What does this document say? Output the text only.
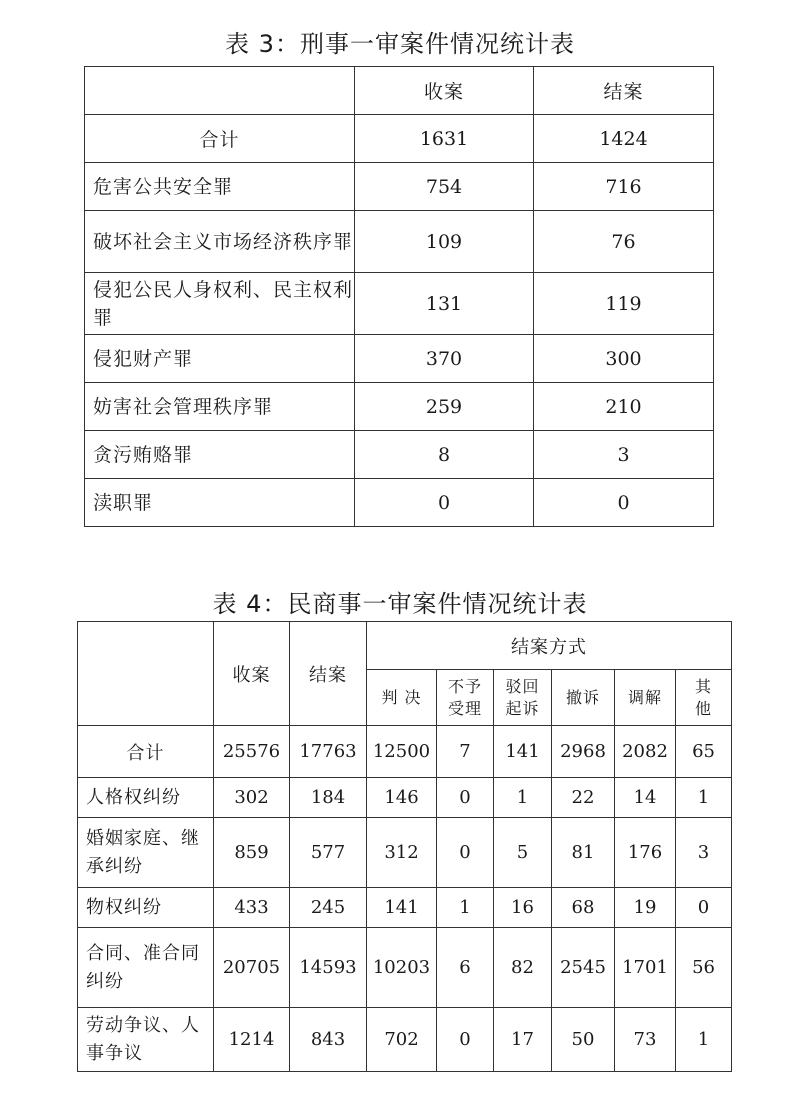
表 3：刑事一审案件情况统计表
	收案	结案
合计	1631	1424
危害公共安全罪	754	716
破坏社会主义市场经济秩序罪	109	76
侵犯公民人身权利、民主权利罪	131	119
侵犯财产罪	370	300
妨害社会管理秩序罪	259	210
贪污贿赂罪	8	3
渎职罪	0	0
表 4：民商事一审案件情况统计表
	收案	结案	结案方式					
			判 决	不予受理	驳回起诉	撤诉	调解	其他

合计	25576	17763	12500	7	141	2968	2082	65
人格权纠纷	302	184	146	0	1	22	14	1
婚姻家庭、继承纠纷	859	577	312	0	5	81	176	3
物权纠纷	433	245	141	1	16	68	19	0
合同、准合同纠纷	20705	14593	10203	6	82	2545	1701	56
劳动争议、人事争议	1214	843	702	0	17	50	73	1
